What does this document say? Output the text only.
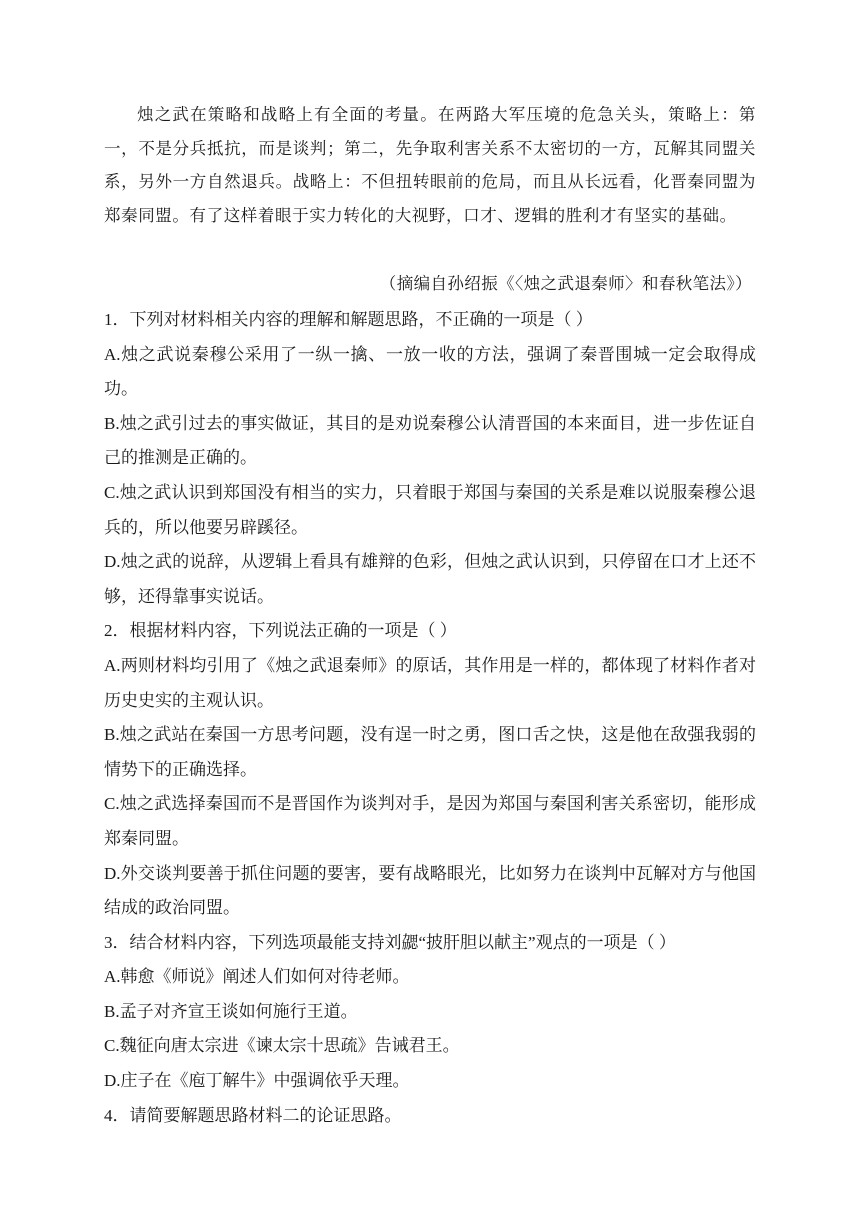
烛之武在策略和战略上有全面的考量。在两路大军压境的危急关头，策略上：第一，不是分兵抵抗，而是谈判；第二，先争取利害关系不太密切的一方，瓦解其同盟关系，另外一方自然退兵。战略上：不但扭转眼前的危局，而且从长远看，化晋秦同盟为郑秦同盟。有了这样着眼于实力转化的大视野，口才、逻辑的胜利才有坚实的基础。
（摘编自孙绍振《〈烛之武退秦师〉和春秋笔法》）
1．下列对材料相关内容的理解和解题思路，不正确的一项是（ ）
A.烛之武说秦穆公采用了一纵一擒、一放一收的方法，强调了秦晋围城一定会取得成功。
B.烛之武引过去的事实做证，其目的是劝说秦穆公认清晋国的本来面目，进一步佐证自己的推测是正确的。
C.烛之武认识到郑国没有相当的实力，只着眼于郑国与秦国的关系是难以说服秦穆公退兵的，所以他要另辟蹊径。
D.烛之武的说辞，从逻辑上看具有雄辩的色彩，但烛之武认识到，只停留在口才上还不够，还得靠事实说话。
2．根据材料内容，下列说法正确的一项是（ ）
A.两则材料均引用了《烛之武退秦师》的原话，其作用是一样的，都体现了材料作者对历史史实的主观认识。
B.烛之武站在秦国一方思考问题，没有逞一时之勇，图口舌之快，这是他在敌强我弱的情势下的正确选择。
C.烛之武选择秦国而不是晋国作为谈判对手，是因为郑国与秦国利害关系密切，能形成郑秦同盟。
D.外交谈判要善于抓住问题的要害，要有战略眼光，比如努力在谈判中瓦解对方与他国结成的政治同盟。
3．结合材料内容，下列选项最能支持刘勰“披肝胆以献主”观点的一项是（ ）
A.韩愈《师说》阐述人们如何对待老师。
B.孟子对齐宣王谈如何施行王道。
C.魏征向唐太宗进《谏太宗十思疏》告诫君王。
D.庄子在《庖丁解牛》中强调依乎天理。
4．请简要解题思路材料二的论证思路。
